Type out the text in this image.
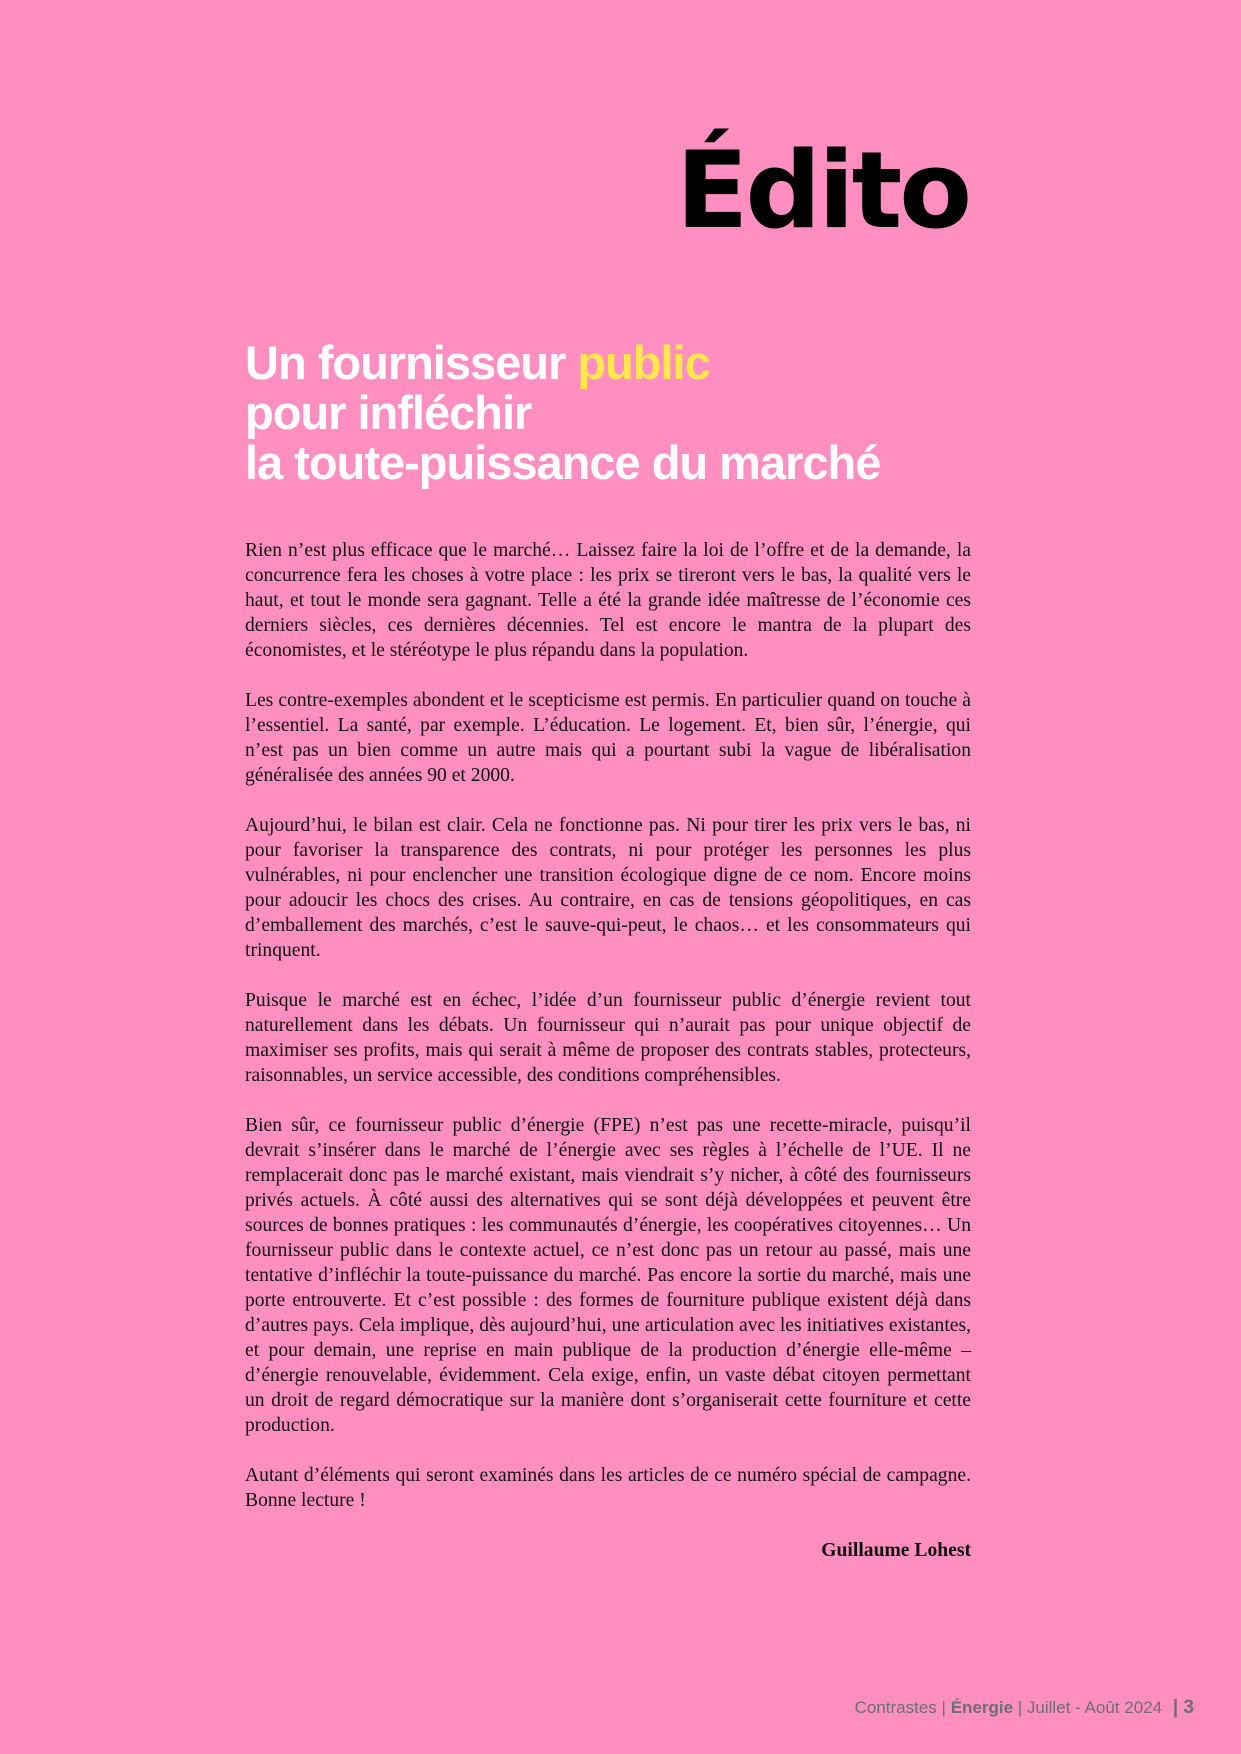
Édito
Un fournisseur public
pour infléchir
la toute-puissance du marché

Rien n’est plus efficace que le marché… Laissez faire la loi de l’offre et de la demande, la concurrence fera les choses à votre place : les prix se tireront vers le bas, la qualité vers le haut, et tout le monde sera gagnant. Telle a été la grande idée maîtresse de l’économie ces derniers siècles, ces dernières décennies. Tel est encore le mantra de la plupart des économistes, et le stéréotype le plus répandu dans la population.

Les contre-exemples abondent et le scepticisme est permis. En particulier quand on touche à l’essentiel. La santé, par exemple. L’éducation. Le logement. Et, bien sûr, l’énergie, qui n’est pas un bien comme un autre mais qui a pourtant subi la vague de libéralisation généralisée des années 90 et 2000.

Aujourd’hui, le bilan est clair. Cela ne fonctionne pas. Ni pour tirer les prix vers le bas, ni pour favoriser la transparence des contrats, ni pour protéger les personnes les plus vulnérables, ni pour enclencher une transition écologique digne de ce nom. Encore moins pour adoucir les chocs des crises. Au contraire, en cas de tensions géopolitiques, en cas d’emballement des marchés, c’est le sauve-qui-peut, le chaos… et les consommateurs qui trinquent.

Puisque le marché est en échec, l’idée d’un fournisseur public d’énergie revient tout naturellement dans les débats. Un fournisseur qui n’aurait pas pour unique objectif de maximiser ses profits, mais qui serait à même de proposer des contrats stables, protecteurs, raisonnables, un service accessible, des conditions compréhensibles.

Bien sûr, ce fournisseur public d’énergie (FPE) n’est pas une recette-miracle, puisqu’il devrait s’insérer dans le marché de l’énergie avec ses règles à l’échelle de l’UE. Il ne remplacerait donc pas le marché existant, mais viendrait s’y nicher, à côté des fournisseurs privés actuels. À côté aussi des alternatives qui se sont déjà développées et peuvent être sources de bonnes pratiques : les communautés d’énergie, les coopératives citoyennes… Un fournisseur public dans le contexte actuel, ce n’est donc pas un retour au passé, mais une tentative d’infléchir la toute-puissance du marché. Pas encore la sortie du marché, mais une porte entrouverte. Et c’est possible : des formes de fourniture publique existent déjà dans d’autres pays. Cela implique, dès aujourd’hui, une articulation avec les initiatives existantes, et pour demain, une reprise en main publique de la production d’énergie elle-même – d’énergie renouvelable, évidemment. Cela exige, enfin, un vaste débat citoyen permettant un droit de regard démocratique sur la manière dont s’organiserait cette fourniture et cette production.

Autant d’éléments qui seront examinés dans les articles de ce numéro spécial de campagne. Bonne lecture !

Guillaume Lohest

Contrastes | Énergie | Juillet - Août 2024 | 3
